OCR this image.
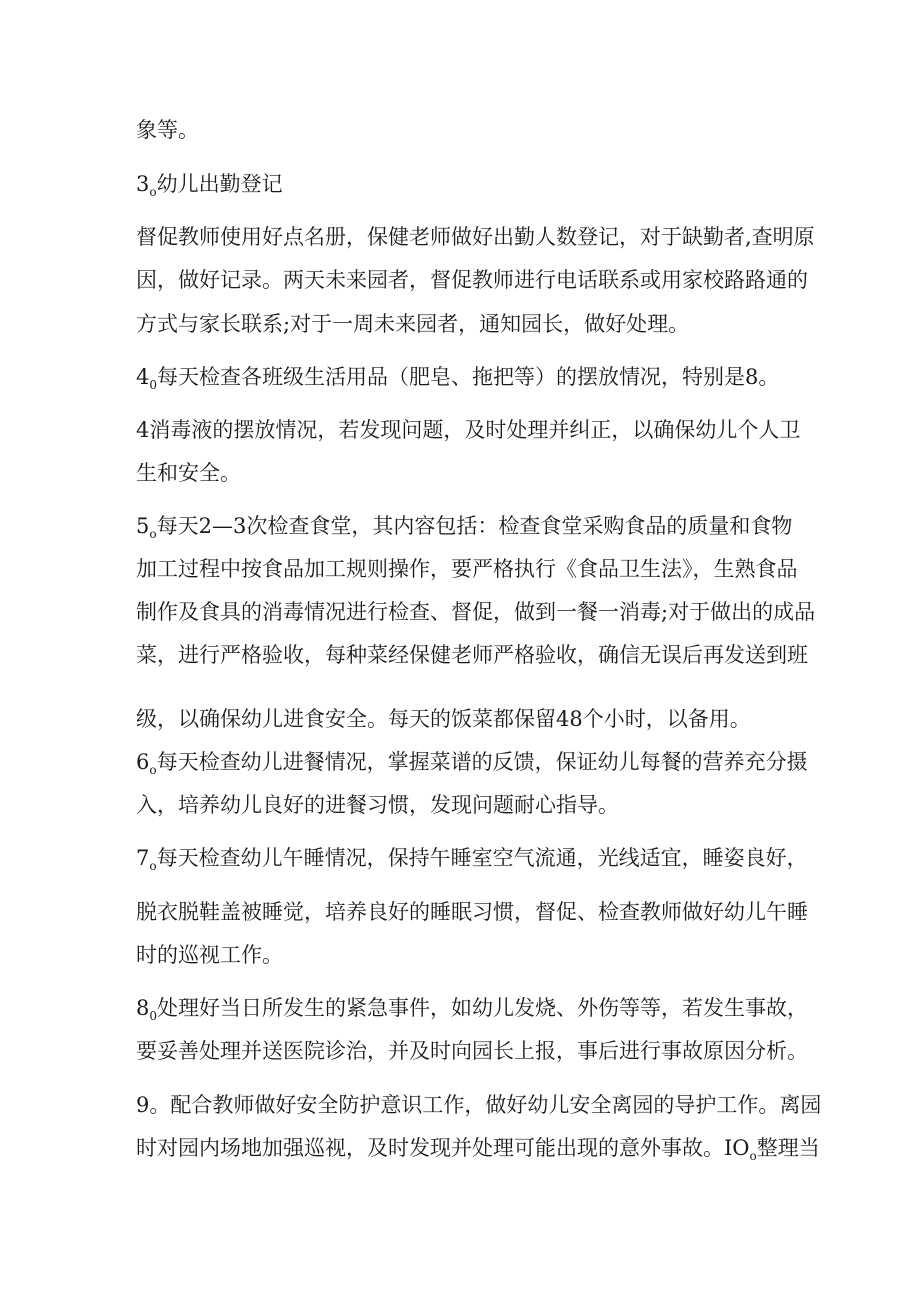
象等。
$3_o$幼儿出勤登记
督促教师使用好点名册，保健老师做好出勤人数登记，对于缺勤者,查明原
因，做好记录。两天未来园者，督促教师进行电话联系或用家校路路通的
方式与家长联系;对于一周未来园者，通知园长，做好处理。
$4_0$每天检查各班级生活用品（肥皂、拖把等）的摆放情况，特别是8。
4消毒液的摆放情况，若发现问题，及时处理并纠正，以确保幼儿个人卫
生和安全。
$5_o$每天2—3次检查食堂，其内容包括：检查食堂采购食品的质量和食物
加工过程中按食品加工规则操作，要严格执行《食品卫生法》，生熟食品
制作及食具的消毒情况进行检查、督促，做到一餐一消毒;对于做出的成品
菜，进行严格验收，每种菜经保健老师严格验收，确信无误后再发送到班
级，以确保幼儿进食安全。每天的饭菜都保留48个小时，以备用。
$6_o$每天检查幼儿进餐情况，掌握菜谱的反馈，保证幼儿每餐的营养充分摄
入，培养幼儿良好的进餐习惯，发现问题耐心指导。
$7_o$每天检查幼儿午睡情况，保持午睡室空气流通，光线适宜，睡姿良好，
脱衣脱鞋盖被睡觉，培养良好的睡眠习惯，督促、检查教师做好幼儿午睡
时的巡视工作。
$8_0$处理好当日所发生的紧急事件，如幼儿发烧、外伤等等，若发生事故，
要妥善处理并送医院诊治，并及时向园长上报，事后进行事故原因分析。
9。配合教师做好安全防护意识工作，做好幼儿安全离园的导护工作。离园
时对园内场地加强巡视，及时发现并处理可能出现的意外事故。$IO_o$整理当
